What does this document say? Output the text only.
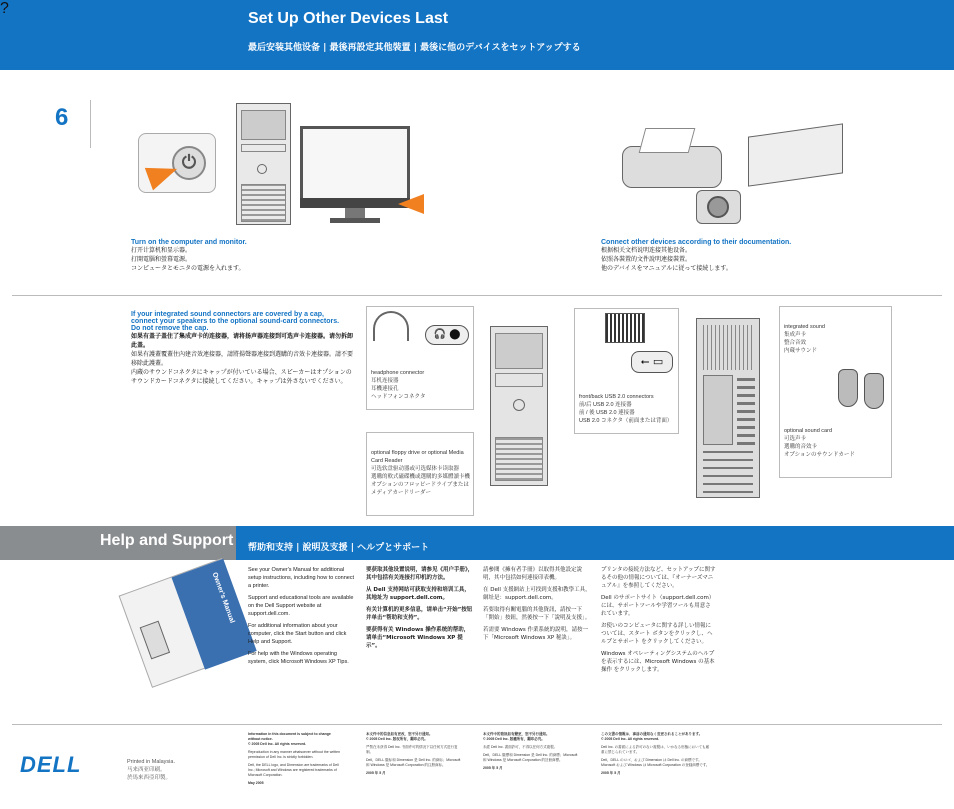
?
Set Up Other Devices Last
最后安装其他设备 | 最後再設定其他裝置 | 最後に他のデバイスをセットアップする
6
⏻
Turn on the computer and monitor.
打开计算机和显示器。
打開電腦和螢幕電源。
コンピュータとモニタの電源を入れます。
Connect other devices according to their documentation.
根据相关文档说明连接其他设备。
依照各裝置的文件說明連接裝置。
他のデバイスをマニュアルに従って接続します。
If your integrated sound connectors are covered by a cap,
connect your speakers to the optional sound-card connectors.
Do not remove the cap.
如果有盖子盖住了集成声卡的连接器，请将扬声器连接到可选声卡连接器。请勿拆卸此盖。
如果有護蓋覆蓋住內建音效連接器，請將揚聲器連接到選購的音效卡連接器。請不要移除此護蓋。
内蔵のサウンドコネクタにキャップが付いている場合、スピーカーはオプションのサウンドカードコネクタに接続してください。キャップは外さないでください。
🎧 ⬤
headphone connector
耳机连接器
耳機連接孔
ヘッドフォンコネクタ
optional floppy drive or optional Media Card Reader
可选软盘驱动器或可选媒体卡读取器
選購的軟式磁碟機或選購的多媒體讀卡機
オプションのフロッピードライブまたはメディアカードリーダー
⭠ ▭
front/back USB 2.0 connectors
前/后 USB 2.0 连接器
前 / 後 USB 2.0 連接器
USB 2.0 コネクタ（前面または背面）
integrated sound
集成声卡
整合音效
内蔵サウンド
optional sound card
可选声卡
選購的音效卡
オプションのサウンドカード
Help and Support 帮助和支持 | 說明及支援 | ヘルプとサポート
Owner's Manual

See your Owner's Manual for additional setup instructions, including how to connect a printer.

Support and educational tools are available on the Dell Support website at support.dell.com.

For additional information about your computer, click the Start button and click Help and Support.

For help with the Windows operating system, click Microsoft Windows XP Tips.

要获取其他设置说明，请参见《用户手册》，其中包括有关连接打印机的方法。

从 Dell 支持网站可获取支持和培训工具，其地址为 support.dell.com。

有关计算机的更多信息，请单击“开始”按钮并单击“帮助和支持”。

要获得有关 Windows 操作系统的帮助，请单击“Microsoft Windows XP 提示”。

請參閱《擁有者手冊》以取得其他設定說明，其中包括如何連接印表機。

在 Dell 支援網站上可找到支援和教學工具，網址是：support.dell.com。

若要取得有關電腦的其他資訊，請按一下「開始」按鈕，然後按一下「說明及支援」。

若需要 Windows 作業系統的說明，請按一下「Microsoft Windows XP 秘訣」。

プリンタの接続方法など、セットアップに関するその他の情報については、『オーナーズマニュアル』を参照してください。

Dell のサポートサイト（support.dell.com）には、サポートツールや学習ツールも用意されています。

お使いのコンピュータに関する詳しい情報については、スタート ボタンをクリックし、ヘルプとサポート をクリックしてください。

Windows オペレーティングシステムのヘルプを表示するには、Microsoft Windows の基本操作 をクリックします。

DELL	Printed in Malaysia.
马来西亚印刷。
於馬來西亞印製。
Information in this document is subject to change without notice.
© 2005 Dell Inc. All rights reserved.
Reproduction in any manner whatsoever without the written permission of Dell Inc. is strictly forbidden.
Dell, the DELL logo, and Dimension are trademarks of Dell Inc.; Microsoft and Windows are registered trademarks of Microsoft Corporation.
May 2005
本文件中的信息如有更改，恕不另行通知。
© 2005 Dell Inc. 版权所有，翻印必究。
严禁在未获得 Dell Inc. 书面许可的情况下以任何方式进行复制。
Dell、DELL 徽标和 Dimension 是 Dell Inc. 的商标；Microsoft 和 Windows 是 Microsoft Corporation 的注册商标。
2005 年 5 月
本文件中的資訊如有變更，恕不另行通知。
© 2005 Dell Inc. 版權所有，翻印必究。
未經 Dell Inc. 書面許可，不得以任何方式複製。
Dell、DELL 徽標和 Dimension 是 Dell Inc. 的商標；Microsoft 和 Windows 是 Microsoft Corporation 的註冊商標。
2005 年 5 月
この文書の情報は、事前の通知なく変更されることがあります。
© 2005 Dell Inc. All rights reserved.
Dell Inc. の書面による許可のない複製は、いかなる形態においても厳重に禁じられています。
Dell、DELL のロゴ、および Dimension は Dell Inc. の商標です。Microsoft および Windows は Microsoft Corporation の登録商標です。
2005 年 5 月
